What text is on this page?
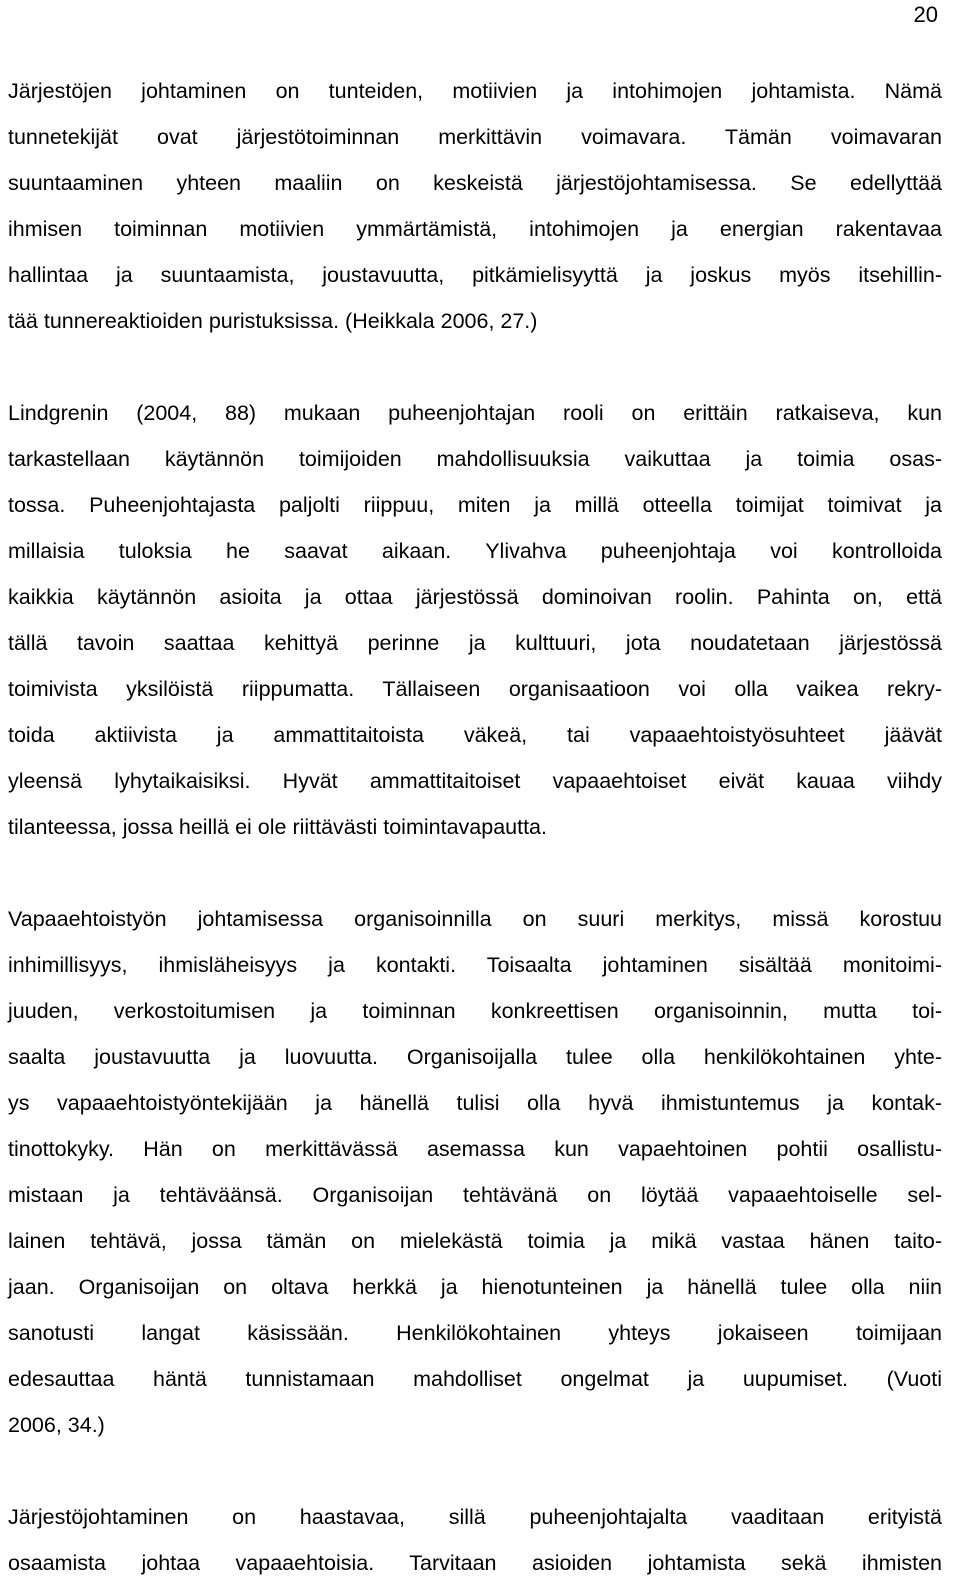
20

Järjestöjen johtaminen on tunteiden, motiivien ja intohimojen johtamista. Nämä
tunnetekijät ovat järjestötoiminnan merkittävin voimavara. Tämän voimavaran
suuntaaminen yhteen maaliin on keskeistä järjestöjohtamisessa. Se edellyttää
ihmisen toiminnan motiivien ymmärtämistä, intohimojen ja energian rakentavaa
hallintaa ja suuntaamista, joustavuutta, pitkämielisyyttä ja joskus myös itsehillin-
tää tunnereaktioiden puristuksissa. (Heikkala 2006, 27.)

Lindgrenin (2004, 88) mukaan puheenjohtajan rooli on erittäin ratkaiseva, kun
tarkastellaan käytännön toimijoiden mahdollisuuksia vaikuttaa ja toimia osas-
tossa. Puheenjohtajasta paljolti riippuu, miten ja millä otteella toimijat toimivat ja
millaisia tuloksia he saavat aikaan. Ylivahva puheenjohtaja voi kontrolloida
kaikkia käytännön asioita ja ottaa järjestössä dominoivan roolin. Pahinta on, että
tällä tavoin saattaa kehittyä perinne ja kulttuuri, jota noudatetaan järjestössä
toimivista yksilöistä riippumatta. Tällaiseen organisaatioon voi olla vaikea rekry-
toida aktiivista ja ammattitaitoista väkeä, tai vapaaehtoistyösuhteet jäävät
yleensä lyhytaikaisiksi. Hyvät ammattitaitoiset vapaaehtoiset eivät kauaa viihdy
tilanteessa, jossa heillä ei ole riittävästi toimintavapautta.

Vapaaehtoistyön johtamisessa organisoinnilla on suuri merkitys, missä korostuu
inhimillisyys, ihmisläheisyys ja kontakti. Toisaalta johtaminen sisältää monitoimi-
juuden, verkostoitumisen ja toiminnan konkreettisen organisoinnin, mutta toi-
saalta joustavuutta ja luovuutta. Organisoijalla tulee olla henkilökohtainen yhte-
ys vapaaehtoistyöntekijään ja hänellä tulisi olla hyvä ihmistuntemus ja kontak-
tinottokyky. Hän on merkittävässä asemassa kun vapaehtoinen pohtii osallistu-
mistaan ja tehtäväänsä. Organisoijan tehtävänä on löytää vapaaehtoiselle sel-
lainen tehtävä, jossa tämän on mielekästä toimia ja mikä vastaa hänen taito-
jaan. Organisoijan on oltava herkkä ja hienotunteinen ja hänellä tulee olla niin
sanotusti langat käsissään. Henkilökohtainen yhteys jokaiseen toimijaan
edesauttaa häntä tunnistamaan mahdolliset ongelmat ja uupumiset. (Vuoti
2006, 34.)

Järjestöjohtaminen on haastavaa, sillä puheenjohtajalta vaaditaan erityistä
osaamista johtaa vapaaehtoisia. Tarvitaan asioiden johtamista sekä ihmisten
